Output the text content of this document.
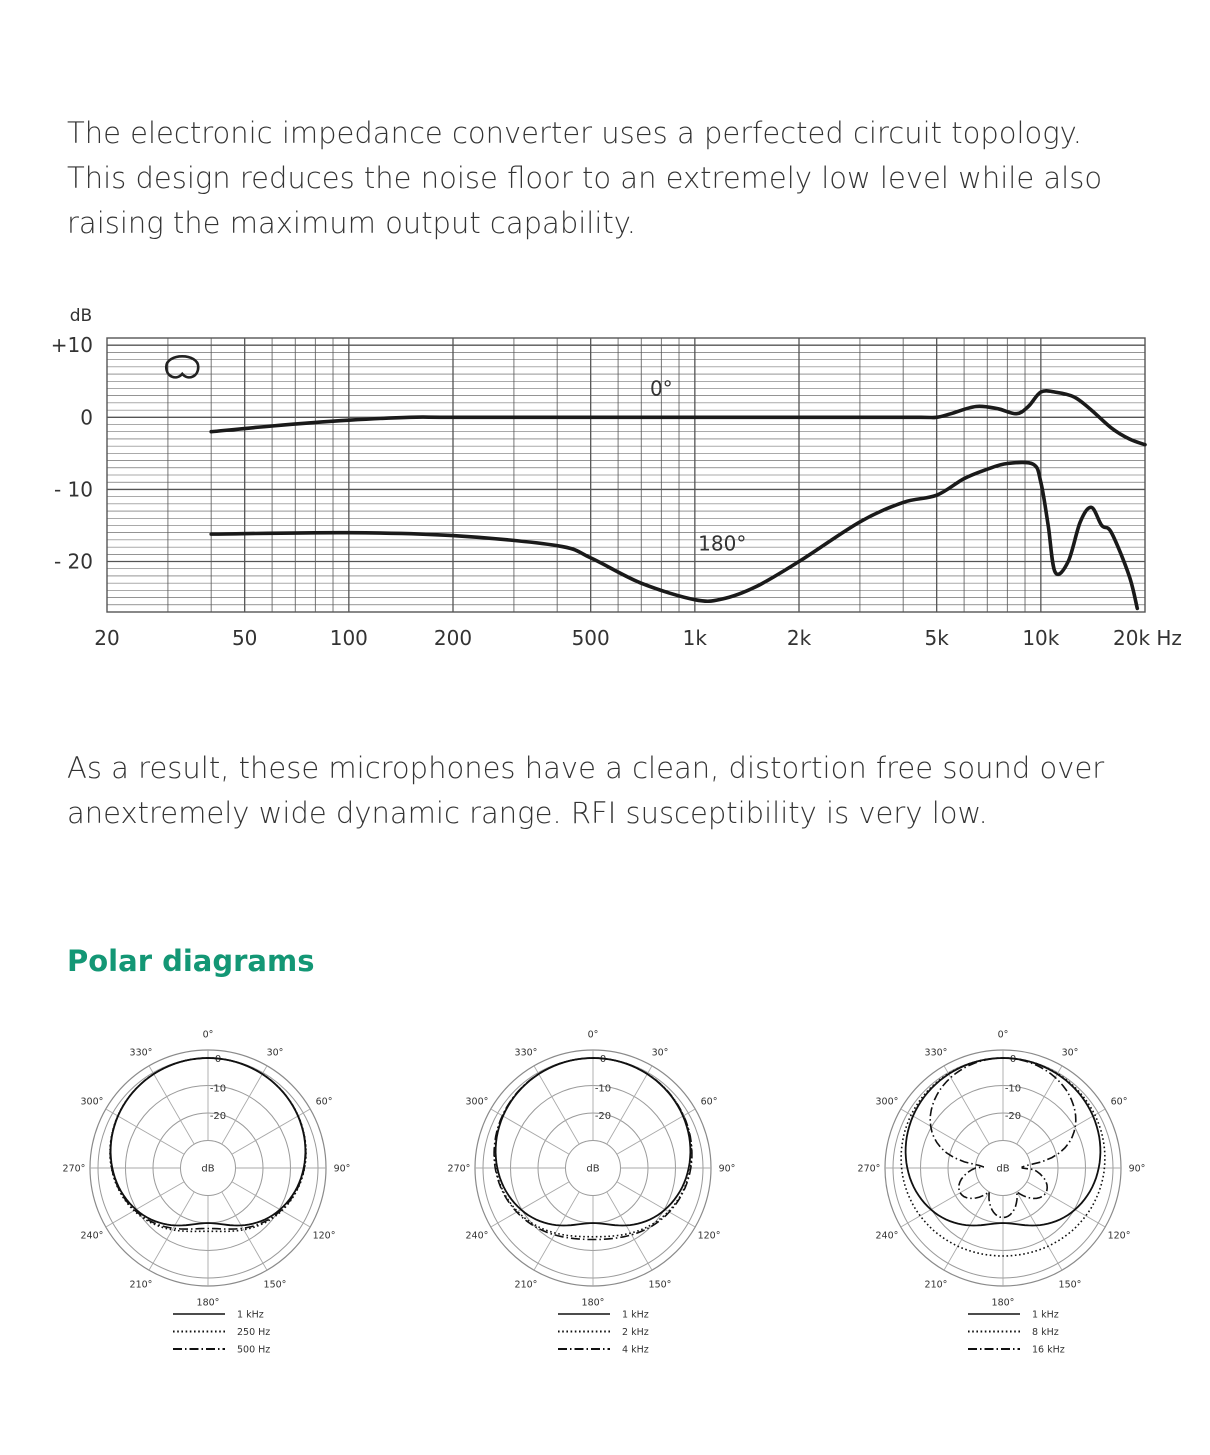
The electronic impedance converter uses a perfected circuit topology. This design reduces the noise floor to an extremely low level while also raising the maximum output capability.

dB
+10
0
- 10
- 20
20	50	100	200	500	1k	2k	5k	10k	20k Hz
0°
180°

As a result, these microphones have a clean, distortion free sound over anextremely wide dynamic range. RFI susceptibility is very low.

Polar diagrams
0°
30°
60°
90°
120°
150°
180°
210°
240°
270°
300°
330°
0
-10
-20
dB
1 kHz
250 Hz
500 Hz
0°
30°
60°
90°
120°
150°
180°
210°
240°
270°
300°
330°
0
-10
-20
dB
1 kHz
2 kHz
4 kHz
0°
30°
60°
90°
120°
150°
180°
210°
240°
270°
300°
330°
0
-10
-20
dB
1 kHz
8 kHz
16 kHz
